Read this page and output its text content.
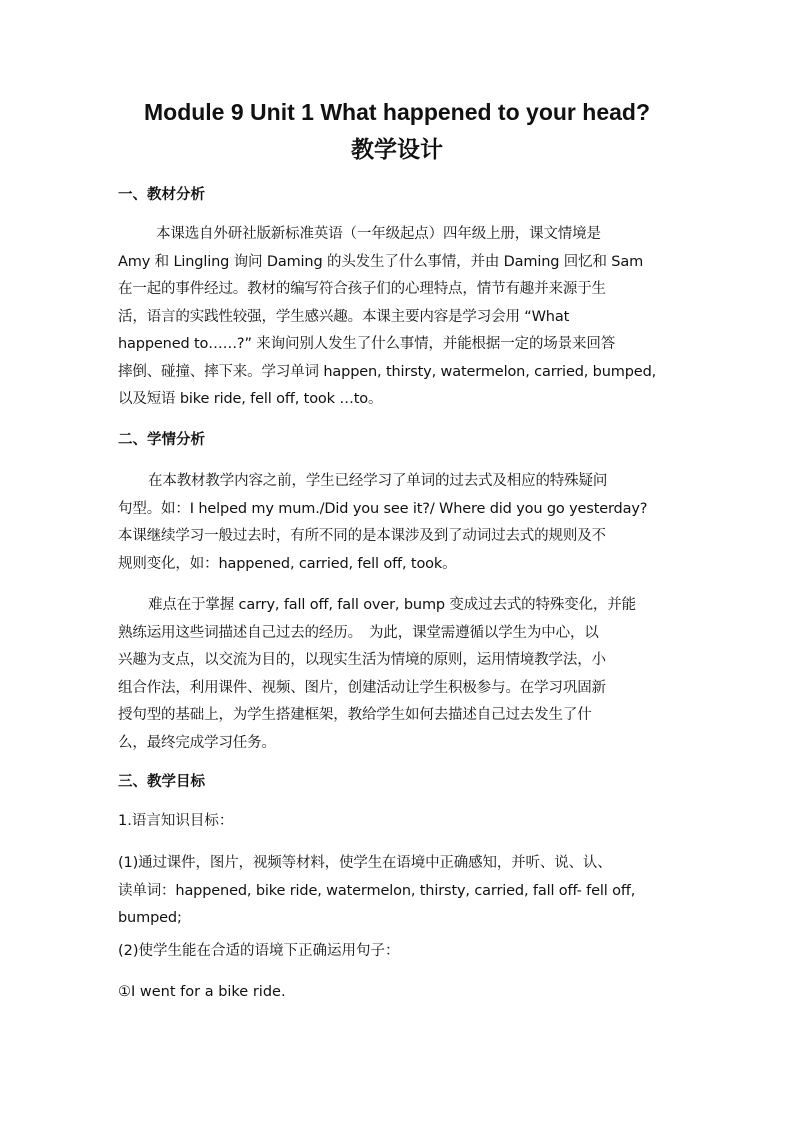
Module 9 Unit 1 What happened to your head?
教学设计
一、教材分析
本课选自外研社版新标准英语（一年级起点）四年级上册，课文情境是
Amy 和 Lingling 询问 Daming 的头发生了什么事情，并由 Daming 回忆和 Sam
在一起的事件经过。教材的编写符合孩子们的心理特点，情节有趣并来源于生
活，语言的实践性较强，学生感兴趣。本课主要内容是学习会用 “What
happened to……?” 来询问别人发生了什么事情，并能根据一定的场景来回答
摔倒、碰撞、摔下来。学习单词 happen, thirsty, watermelon, carried, bumped,
以及短语 bike ride, fell off, took …to。
二、学情分析
在本教材教学内容之前，学生已经学习了单词的过去式及相应的特殊疑问
句型。如：I helped my mum./Did you see it?/ Where did you go yesterday?
本课继续学习一般过去时，有所不同的是本课涉及到了动词过去式的规则及不
规则变化，如：happened, carried, fell off, took。
难点在于掌握 carry, fall off, fall over, bump 变成过去式的特殊变化，并能
熟练运用这些词描述自己过去的经历。　为此，课堂需遵循以学生为中心，以
兴趣为支点，以交流为目的，以现实生活为情境的原则，运用情境教学法，小
组合作法，利用课件、视频、图片，创建活动让学生积极参与。在学习巩固新
授句型的基础上，为学生搭建框架，教给学生如何去描述自己过去发生了什
么，最终完成学习任务。
三、教学目标
1.语言知识目标：
(1)通过课件，图片，视频等材料，使学生在语境中正确感知，并听、说、认、
读单词：happened, bike ride, watermelon, thirsty, carried, fall off- fell off,
bumped;
(2)使学生能在合适的语境下正确运用句子：
①I went for a bike ride.
